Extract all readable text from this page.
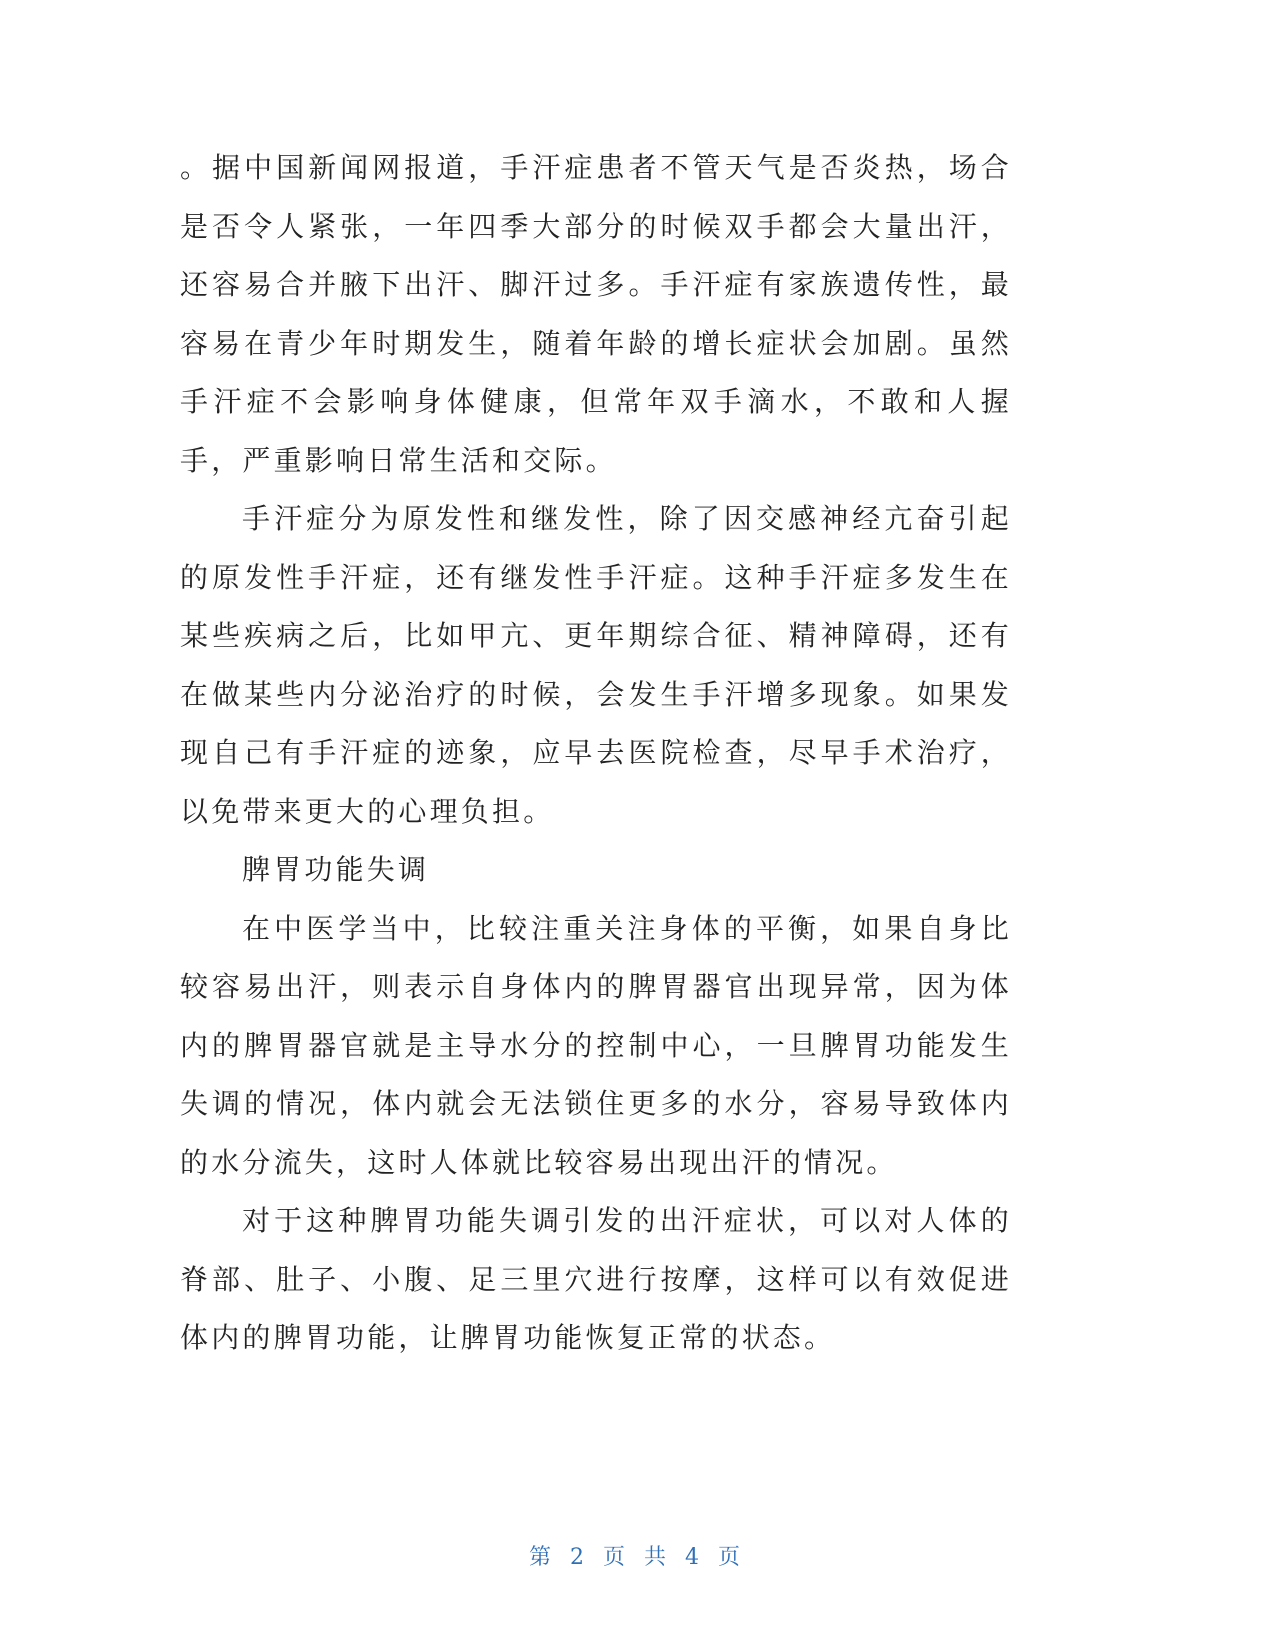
。据中国新闻网报道，手汗症患者不管天气是否炎热，场合是否令人紧张，一年四季大部分的时候双手都会大量出汗，还容易合并腋下出汗、脚汗过多。手汗症有家族遗传性，最容易在青少年时期发生，随着年龄的增长症状会加剧。虽然手汗症不会影响身体健康，但常年双手滴水，不敢和人握手，严重影响日常生活和交际。

手汗症分为原发性和继发性，除了因交感神经亢奋引起的原发性手汗症，还有继发性手汗症。这种手汗症多发生在某些疾病之后，比如甲亢、更年期综合征、精神障碍，还有在做某些内分泌治疗的时候，会发生手汗增多现象。如果发现自己有手汗症的迹象，应早去医院检查，尽早手术治疗，以免带来更大的心理负担。

脾胃功能失调

在中医学当中，比较注重关注身体的平衡，如果自身比较容易出汗，则表示自身体内的脾胃器官出现异常，因为体内的脾胃器官就是主导水分的控制中心，一旦脾胃功能发生失调的情况，体内就会无法锁住更多的水分，容易导致体内的水分流失，这时人体就比较容易出现出汗的情况。

对于这种脾胃功能失调引发的出汗症状，可以对人体的脊部、肚子、小腹、足三里穴进行按摩，这样可以有效促进体内的脾胃功能，让脾胃功能恢复正常的状态。

第 2 页 共 4 页
